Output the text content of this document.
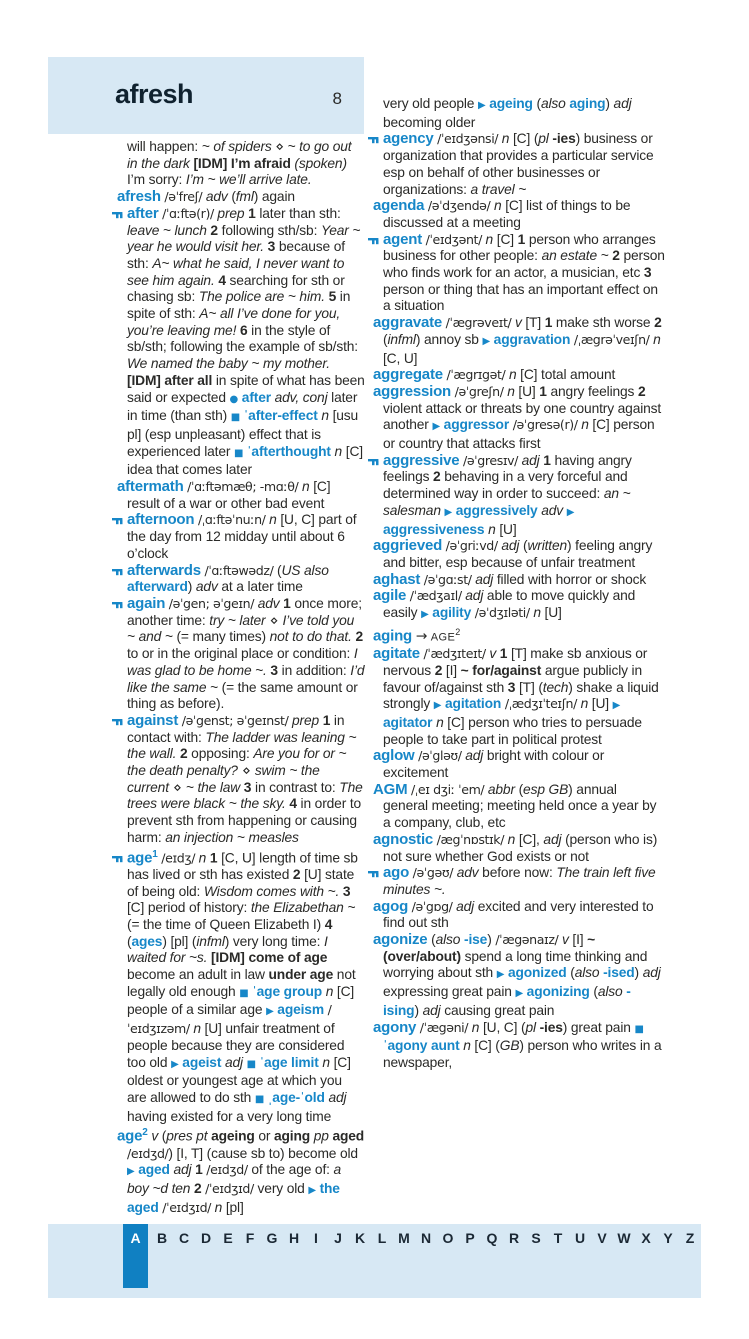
afresh	8

will happen: ~ of spiders ⋄ ~ to go out in the dark [IDM] I’m afraid (spoken) I’m sorry: I’m ~ we’ll arrive late.

afresh /əˈfreʃ/ adv (fml) again

after /ˈɑːftə(r)/ prep 1 later than sth: leave ~ lunch 2 following sth/sb: Year ~ year he would visit her. 3 because of sth: A~ what he said, I never want to see him again. 4 searching for sth or chasing sb: The police are ~ him. 5 in spite of sth: A~ all I’ve done for you, you’re leaving me! 6 in the style of sb/sth; following the example of sb/sth: We named the baby ~ my mother. [IDM] after all in spite of what has been said or expected ● after adv, conj later in time (than sth) ■ ˈafter-effect n [usu pl] (esp unpleasant) effect that is experienced later ■ ˈafterthought n [C] idea that comes later

aftermath /ˈɑːftəmæθ; -mɑːθ/ n [C] result of a war or other bad event

afternoon /ˌɑːftəˈnuːn/ n [U, C] part of the day from 12 midday until about 6 o’clock

afterwards /ˈɑːftəwədz/ (US also afterward) adv at a later time

again /əˈgen; əˈgeɪn/ adv 1 once more; another time: try ~ later ⋄ I’ve told you ~ and ~ (= many times) not to do that. 2 to or in the original place or condition: I was glad to be home ~. 3 in addition: I’d like the same ~ (= the same amount or thing as before).

against /əˈgenst; əˈgeɪnst/ prep 1 in contact with: The ladder was leaning ~ the wall. 2 opposing: Are you for or ~ the death penalty? ⋄ swim ~ the current ⋄ ~ the law 3 in contrast to: The trees were black ~ the sky. 4 in order to prevent sth from happening or causing harm: an injection ~ measles

age$^1$ /eɪdʒ/ n 1 [C, U] length of time sb has lived or sth has existed 2 [U] state of being old: Wisdom comes with ~. 3 [C] period of history: the Elizabethan ~ (= the time of Queen Elizabeth I) 4 (ages) [pl] (infml) very long time: I waited for ~s. [IDM] come of age become an adult in law under age not legally old enough ■ ˈage group n [C] people of a similar age ▶ ageism /ˈeɪdʒɪzəm/ n [U] unfair treatment of people because they are considered too old ▶ ageist adj ■ ˈage limit n [C] oldest or youngest age at which you are allowed to do sth ■ ˌage-ˈold adj having existed for a very long time

age$^2$ v (pres pt ageing or aging pp aged /eɪdʒd/) [I, T] (cause sb to) become old ▶ aged adj 1 /eɪdʒd/ of the age of: a boy ~d ten 2 /ˈeɪdʒɪd/ very old ▶ the aged /ˈeɪdʒɪd/ n [pl]

very old people ▶ ageing (also aging) adj becoming older

agency /ˈeɪdʒənsi/ n [C] (pl -ies) business or organization that provides a particular service esp on behalf of other businesses or organizations: a travel ~

agenda /əˈdʒendə/ n [C] list of things to be discussed at a meeting

agent /ˈeɪdʒənt/ n [C] 1 person who arranges business for other people: an estate ~ 2 person who finds work for an actor, a musician, etc 3 person or thing that has an important effect on a situation

aggravate /ˈægrəveɪt/ v [T] 1 make sth worse 2 (infml) annoy sb ▶ aggravation /ˌægrəˈveɪʃn/ n [C, U]

aggregate /ˈægrɪgət/ n [C] total amount

aggression /əˈgreʃn/ n [U] 1 angry feelings 2 violent attack or threats by one country against another ▶ aggressor /əˈgresə(r)/ n [C] person or country that attacks first

aggressive /əˈgresɪv/ adj 1 having angry feelings 2 behaving in a very forceful and determined way in order to succeed: an ~ salesman ▶ aggressively adv ▶ aggressiveness n [U]

aggrieved /əˈgriːvd/ adj (written) feeling angry and bitter, esp because of unfair treatment

aghast /əˈgɑːst/ adj filled with horror or shock

agile /ˈædʒaɪl/ adj able to move quickly and easily ▶ agility /əˈdʒɪləti/ n [U]

aging → $AGE^2$

agitate /ˈædʒɪteɪt/ v 1 [T] make sb anxious or nervous 2 [I] ~ for/against argue publicly in favour of/against sth 3 [T] (tech) shake a liquid strongly ▶ agitation /ˌædʒɪˈteɪʃn/ n [U] ▶ agitator n [C] person who tries to persuade people to take part in political protest

aglow /əˈgləʊ/ adj bright with colour or excitement

AGM /ˌeɪ dʒiː ˈem/ abbr (esp GB) annual general meeting; meeting held once a year by a company, club, etc

agnostic /ægˈnɒstɪk/ n [C], adj (person who is) not sure whether God exists or not

ago /əˈgəʊ/ adv before now: The train left five minutes ~.

agog /əˈgɒg/ adj excited and very interested to find out sth

agonize (also -ise) /ˈægənaɪz/ v [I] ~ (over/about) spend a long time thinking and worrying about sth ▶ agonized (also -ised) adj expressing great pain ▶ agonizing (also -ising) adj causing great pain

agony /ˈægəni/ n [U, C] (pl -ies) great pain ■ ˈagony aunt n [C] (GB) person who writes in a newspaper,

A	B C D E F G H	I	J K L M N O P Q R S T U V W X Y Z
